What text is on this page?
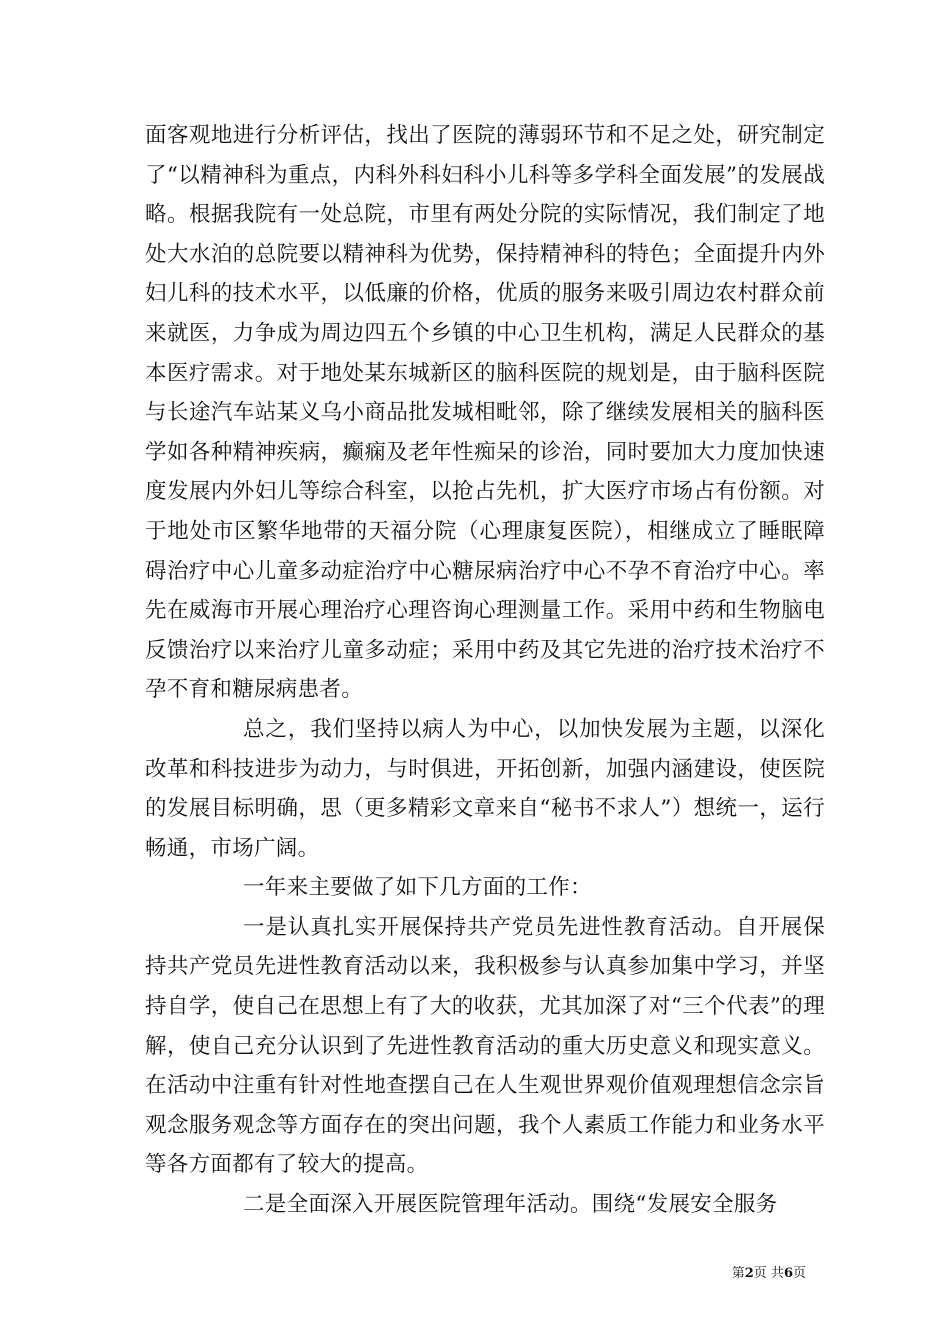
面客观地进行分析评估，找出了医院的薄弱环节和不足之处，研究制定了“以精神科为重点，内科外科妇科小儿科等多学科全面发展”的发展战略。根据我院有一处总院，市里有两处分院的实际情况，我们制定了地处大水泊的总院要以精神科为优势，保持精神科的特色；全面提升内外妇儿科的技术水平，以低廉的价格，优质的服务来吸引周边农村群众前来就医，力争成为周边四五个乡镇的中心卫生机构，满足人民群众的基本医疗需求。对于地处某东城新区的脑科医院的规划是，由于脑科医院与长途汽车站某义乌小商品批发城相毗邻，除了继续发展相关的脑科医学如各种精神疾病，癫痫及老年性痴呆的诊治，同时要加大力度加快速度发展内外妇儿等综合科室，以抢占先机，扩大医疗市场占有份额。对于地处市区繁华地带的天福分院（心理康复医院），相继成立了睡眠障碍治疗中心儿童多动症治疗中心糖尿病治疗中心不孕不育治疗中心。率先在威海市开展心理治疗心理咨询心理测量工作。采用中药和生物脑电反馈治疗以来治疗儿童多动症；采用中药及其它先进的治疗技术治疗不孕不育和糖尿病患者。

总之，我们坚持以病人为中心，以加快发展为主题，以深化改革和科技进步为动力，与时俱进，开拓创新，加强内涵建设，使医院的发展目标明确，思（更多精彩文章来自“秘书不求人”）想统一，运行畅通，市场广阔。

一年来主要做了如下几方面的工作：

一是认真扎实开展保持共产党员先进性教育活动。自开展保持共产党员先进性教育活动以来，我积极参与认真参加集中学习，并坚持自学，使自己在思想上有了大的收获，尤其加深了对“三个代表”的理解，使自己充分认识到了先进性教育活动的重大历史意义和现实意义。在活动中注重有针对性地查摆自己在人生观世界观价值观理想信念宗旨观念服务观念等方面存在的突出问题，我个人素质工作能力和业务水平等各方面都有了较大的提高。

二是全面深入开展医院管理年活动。围绕“发展安全服务

第2页 共6页
